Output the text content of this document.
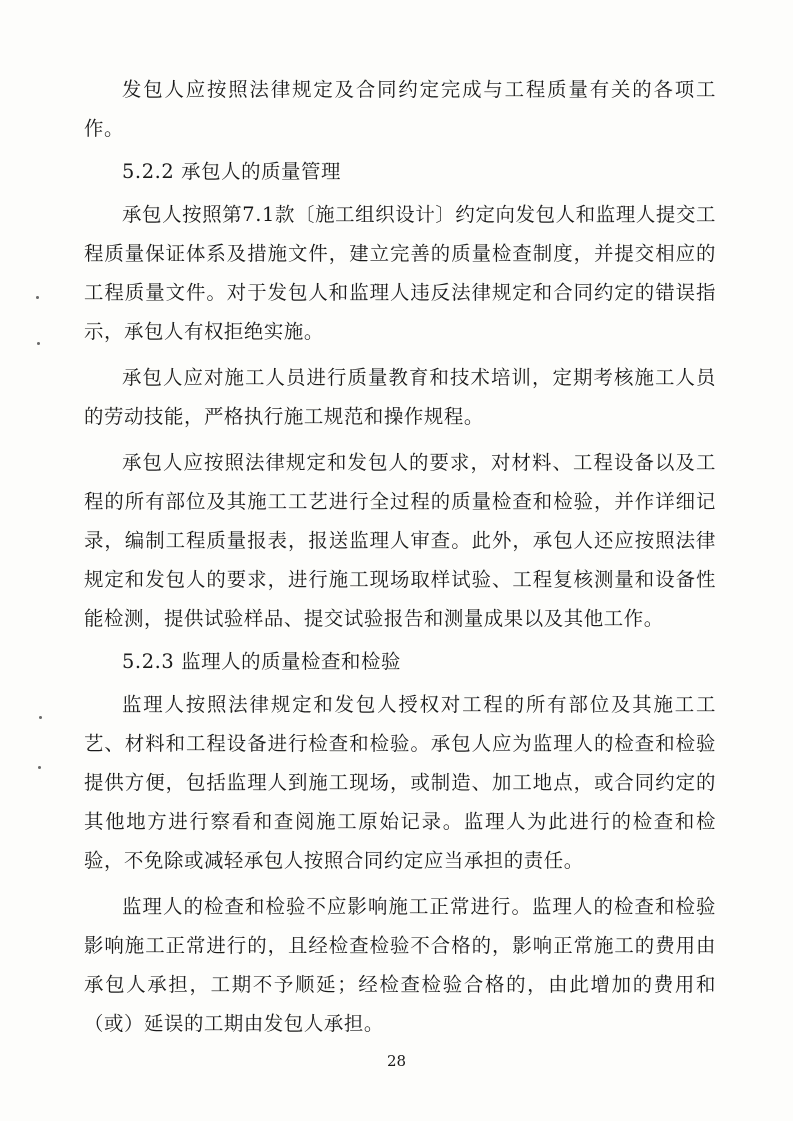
发包人应按照法律规定及合同约定完成与工程质量有关的各项工作。

5.2.2 承包人的质量管理

承包人按照第7.1款〔施工组织设计〕约定向发包人和监理人提交工程质量保证体系及措施文件，建立完善的质量检查制度，并提交相应的工程质量文件。对于发包人和监理人违反法律规定和合同约定的错误指示，承包人有权拒绝实施。

承包人应对施工人员进行质量教育和技术培训，定期考核施工人员的劳动技能，严格执行施工规范和操作规程。

承包人应按照法律规定和发包人的要求，对材料、工程设备以及工程的所有部位及其施工工艺进行全过程的质量检查和检验，并作详细记录，编制工程质量报表，报送监理人审查。此外，承包人还应按照法律规定和发包人的要求，进行施工现场取样试验、工程复核测量和设备性能检测，提供试验样品、提交试验报告和测量成果以及其他工作。

5.2.3 监理人的质量检查和检验

监理人按照法律规定和发包人授权对工程的所有部位及其施工工艺、材料和工程设备进行检查和检验。承包人应为监理人的检查和检验提供方便，包括监理人到施工现场，或制造、加工地点，或合同约定的其他地方进行察看和查阅施工原始记录。监理人为此进行的检查和检验，不免除或减轻承包人按照合同约定应当承担的责任。

监理人的检查和检验不应影响施工正常进行。监理人的检查和检验影响施工正常进行的，且经检查检验不合格的，影响正常施工的费用由承包人承担，工期不予顺延；经检查检验合格的，由此增加的费用和（或）延误的工期由发包人承担。

28
